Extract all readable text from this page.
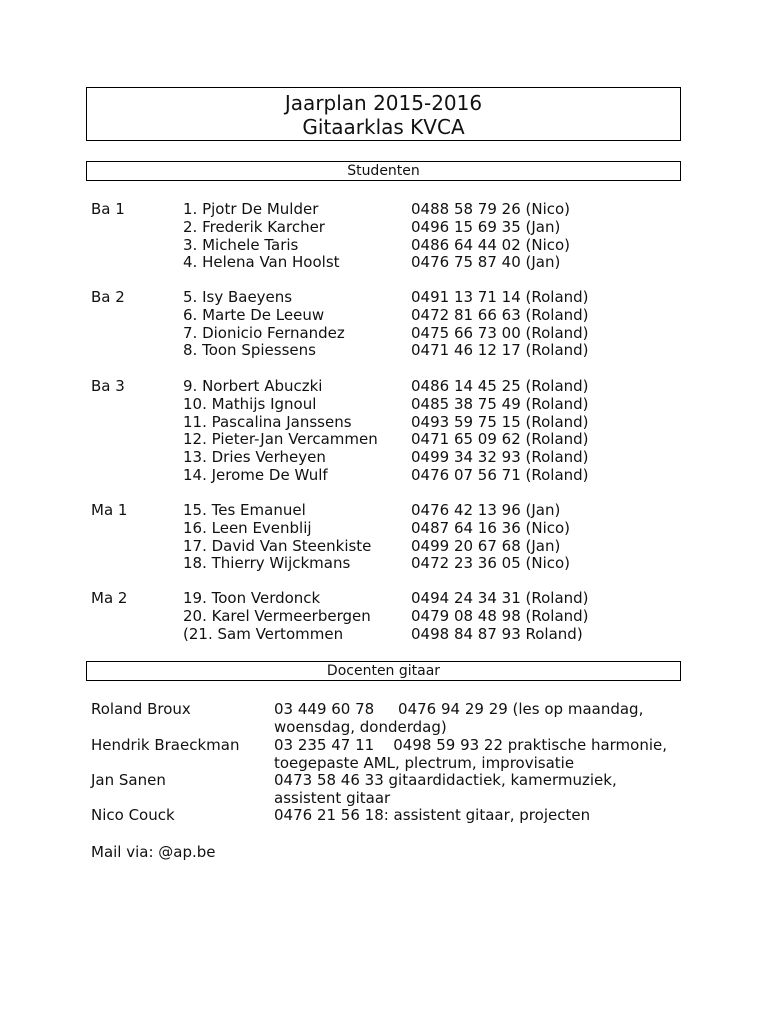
Jaarplan 2015-2016
Gitaarklas KVCA
Studenten
Ba 1	1. Pjotr De Mulder	0488 58 79 26 (Nico)
2. Frederik Karcher	0496 15 69 35 (Jan)
3. Michele Taris	0486 64 44 02 (Nico)
4. Helena Van Hoolst	0476 75 87 40 (Jan)
Ba 2	5. Isy Baeyens	0491 13 71 14 (Roland)
6. Marte De Leeuw	0472 81 66 63 (Roland)
7. Dionicio Fernandez	0475 66 73 00 (Roland)
8. Toon Spiessens	0471 46 12 17 (Roland)
Ba 3	9. Norbert Abuczki	0486 14 45 25 (Roland)
10. Mathijs Ignoul	0485 38 75 49 (Roland)
11. Pascalina Janssens	0493 59 75 15 (Roland)
12. Pieter-Jan Vercammen 0471 65 09 62 (Roland)
13. Dries Verheyen	0499 34 32 93 (Roland)
14. Jerome De Wulf	0476 07 56 71 (Roland)
Ma 1	15. Tes Emanuel	0476 42 13 96 (Jan)
16. Leen Evenblij	0487 64 16 36 (Nico)
17. David Van Steenkiste	0499 20 67 68 (Jan)
18. Thierry Wijckmans	0472 23 36 05 (Nico)
Ma 2	19. Toon Verdonck	0494 24 34 31 (Roland)
20. Karel Vermeerbergen	0479 08 48 98 (Roland)
(21. Sam Vertommen	0498 84 87 93 Roland)
Docenten gitaar
Roland Broux	03 449 60 78     0476 94 29 29 (les op maandag, woensdag, donderdag)
Hendrik Braeckman 03 235 47 11    0498 59 93 22 praktische harmonie, toegepaste AML, plectrum, improvisatie
Jan Sanen	0473 58 46 33 gitaardidactiek, kamermuziek, assistent gitaar
Nico Couck	0476 21 56 18: assistent gitaar, projecten
Mail via: @ap.be
